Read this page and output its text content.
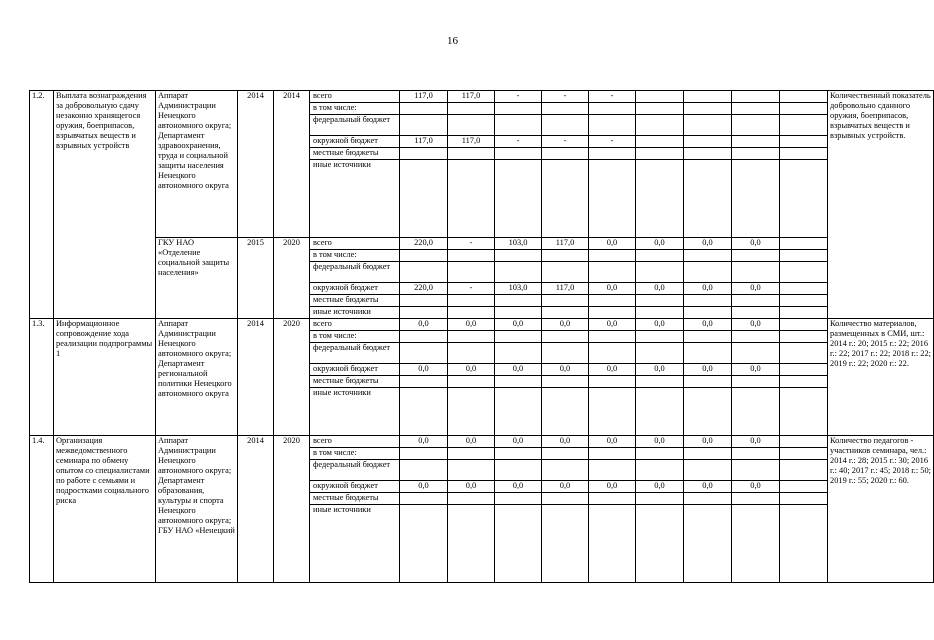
16
1.2.	Выплата вознаграждения за добровольную сдачу незаконно хранящегося оружия, боеприпасов, взрывчатых веществ и взрывных устройств	Аппарат Администрации Ненецкого автономного округа; Департамент здравоохранения, труда и социальной защиты населения Ненецкого автономного округа	2014	2014	всего	117,0	117,0	-	-	-					Количественный показатель добровольно сданного оружия, боеприпасов, взрывчатых веществ и взрывных устройств.
					в том числе:										
					федеральный бюджет										
					окружной бюджет	117,0	117,0	-	-	-					
					местные бюджеты										
					иные источники										
		ГКУ НАО «Отделение социальной защиты населения»	2015	2020	всего	220,0	-	103,0	117,0	0,0	0,0	0,0	0,0		
					в том числе:										
					федеральный бюджет										
					окружной бюджет	220,0	-	103,0	117,0	0,0	0,0	0,0	0,0		
					местные бюджеты										
					иные источники										
1.3.	Информационное сопровождение хода реализации подпрограммы 1	Аппарат Администрации Ненецкого автономного округа; Департамент региональной политики Ненецкого автономного округа	2014	2020	всего	0,0	0,0	0,0	0,0	0,0	0,0	0,0	0,0		Количество материалов, размещенных в СМИ, шт.: 2014 г.: 20; 2015 г.: 22; 2016 г.: 22; 2017 г.: 22; 2018 г.: 22; 2019 г.: 22; 2020 г.: 22.
					в том числе:										
					федеральный бюджет										
					окружной бюджет	0,0	0,0	0,0	0,0	0,0	0,0	0,0	0,0		
					местные бюджеты										
					иные источники										
1.4.	Организация межведомственного семинара по обмену опытом со специалистами по работе с семьями и подростками социального риска	Аппарат Администрации Ненецкого автономного округа; Департамент образования, культуры и спорта Ненецкого автономного округа; ГБУ НАО «Ненецкий	2014	2020	всего	0,0	0,0	0,0	0,0	0,0	0,0	0,0	0,0		Количество педагогов - участников семинара, чел.: 2014 г.: 28; 2015 г.: 30; 2016 г.: 40; 2017 г.: 45; 2018 г.: 50; 2019 г.: 55; 2020 г.: 60.
					в том числе:										
					федеральный бюджет										
					окружной бюджет	0,0	0,0	0,0	0,0	0,0	0,0	0,0	0,0		
					местные бюджеты										
					иные источники										
